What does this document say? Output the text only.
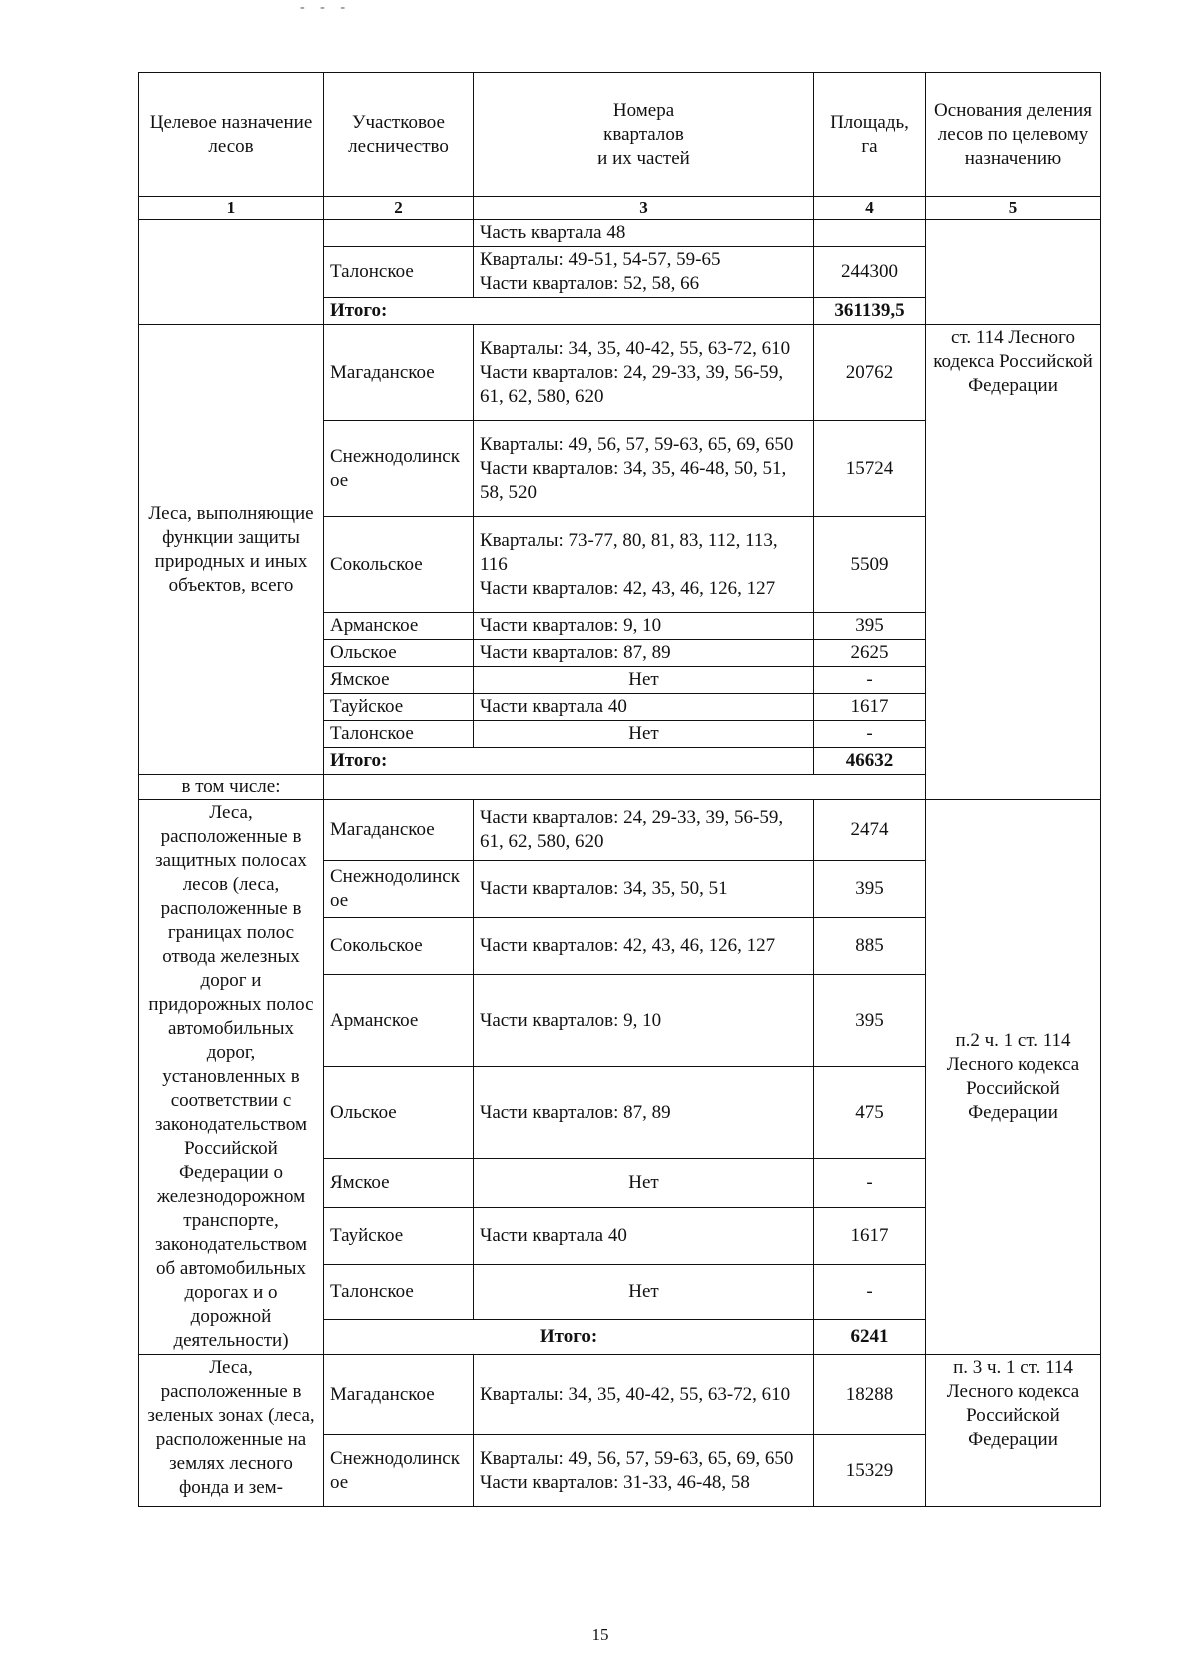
- - -
Целевое назначение лесов	Участковое лесничество	Номера
кварталов
и их частей	Площадь,
га	Основания деления лесов по целевому назначению
1	2	3	4	5
		Часть квартала 48		
	Талонское	Кварталы: 49-51, 54-57, 59-65
Части кварталов: 52, 58, 66	244300	
	Итого:		361139,5	

Леса, выполняющие функции защиты природных и иных объектов, всего	Магаданское	Кварталы: 34, 35, 40-42, 55, 63-72, 610
Части кварталов: 24, 29-33, 39, 56-59, 61, 62, 580, 620	20762	ст. 114 Лесного кодекса Российской Федерации
	Снежнодолинское	Кварталы: 49, 56, 57, 59-63, 65, 69, 650
Части кварталов: 34, 35, 46-48, 50, 51, 58, 520	15724	
	Сокольское	Кварталы: 73-77, 80, 81, 83, 112, 113, 116
Части кварталов: 42, 43, 46, 126, 127	5509	
	Арманское	Части кварталов: 9, 10	395	
	Ольское	Части кварталов: 87, 89	2625	
	Ямское	Нет	-	
	Тауйское	Части квартала 40	1617	
	Талонское	Нет	-	
	Итого:		46632	
в том числе:			
Леса, расположенные в защитных полосах лесов (леса, расположенные в границах полос отвода железных дорог и придорожных полос автомобильных дорог, установленных в соответствии с законодательством Российской Федерации о железнодорожном транспорте, законодательством об автомобильных дорогах и о дорожной деятельности)	Магаданское	Части кварталов: 24, 29-33, 39, 56-59, 61, 62, 580, 620	2474	п.2 ч. 1 ст. 114 Лесного кодекса Российской Федерации
	Снежнодолинское	Части кварталов: 34, 35, 50, 51	395	
	Сокольское	Части кварталов: 42, 43, 46, 126, 127	885	
	Арманское	Части кварталов: 9, 10	395	
	Ольское	Части кварталов: 87, 89	475	
	Ямское	Нет	-	
	Тауйское	Части квартала 40	1617	
	Талонское	Нет	-	
	Итого:		6241	
Леса, расположенные в зеленых зонах (леса, расположенные на землях лесного фонда и зем-	Магаданское	Кварталы: 34, 35, 40-42, 55, 63-72, 610	18288	п. 3 ч. 1 ст. 114 Лесного кодекса Российской Федерации
	Снежнодолинское	Кварталы: 49, 56, 57, 59-63, 65, 69, 650
Части кварталов: 31-33, 46-48, 58	15329	
15
